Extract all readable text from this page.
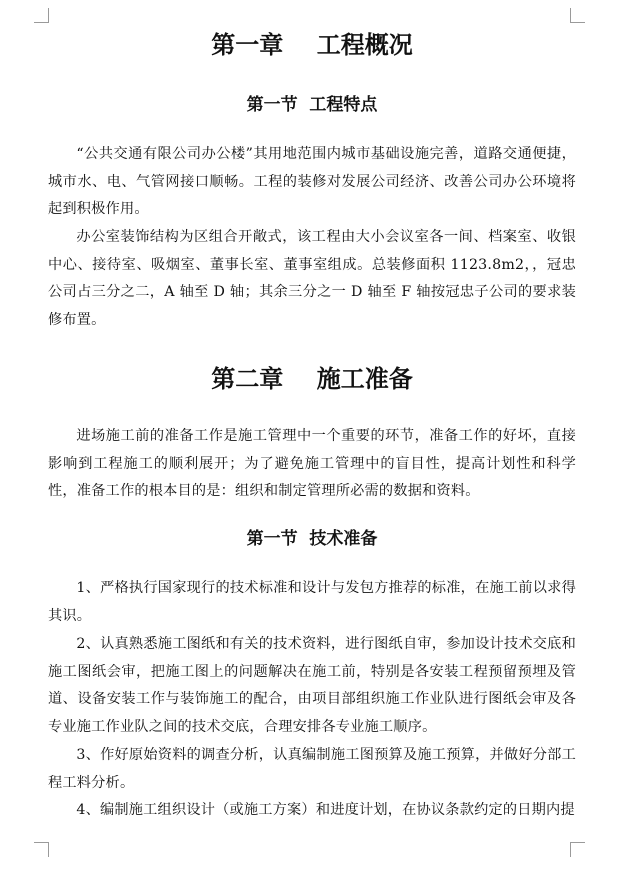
第一章    工程概况
第一节  工程特点

“公共交通有限公司办公楼”其用地范围内城市基础设施完善，道路交通便捷，城市水、电、气管网接口顺畅。工程的装修对发展公司经济、改善公司办公环境将起到积极作用。

办公室装饰结构为区组合开敞式，该工程由大小会议室各一间、档案室、收银中心、接待室、吸烟室、董事长室、董事室组成。总装修面积 1123.8m2，，冠忠公司占三分之二，A 轴至 D 轴；其余三分之一 D 轴至 F 轴按冠忠子公司的要求装修布置。

第二章    施工准备

进场施工前的准备工作是施工管理中一个重要的环节，准备工作的好坏，直接影响到工程施工的顺利展开；为了避免施工管理中的盲目性，提高计划性和科学性，准备工作的根本目的是：组织和制定管理所必需的数据和资料。

第一节  技术准备

1、严格执行国家现行的技术标准和设计与发包方推荐的标准，在施工前以求得其识。

2、认真熟悉施工图纸和有关的技术资料，进行图纸自审，参加设计技术交底和施工图纸会审，把施工图上的问题解决在施工前，特别是各安装工程预留预埋及管道、设备安装工作与装饰施工的配合，由项目部组织施工作业队进行图纸会审及各专业施工作业队之间的技术交底，合理安排各专业施工顺序。

3、作好原始资料的调查分析，认真编制施工图预算及施工预算，并做好分部工程工料分析。

4、编制施工组织设计（或施工方案）和进度计划，在协议条款约定的日期内提
